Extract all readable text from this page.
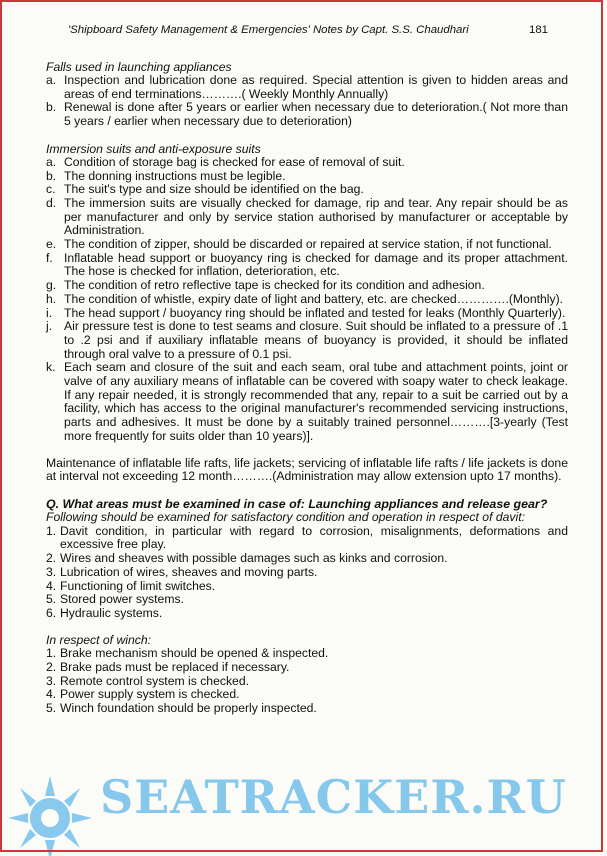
'Shipboard Safety Management & Emergencies' Notes by Capt. S.S. Chaudhari	181

Falls used in launching appliances

a. Inspection and lubrication done as required. Special attention is given to hidden areas and areas of end terminations……….( Weekly Monthly Annually)
b. Renewal is done after 5 years or earlier when necessary due to deterioration.( Not more than 5 years / earlier when necessary due to deterioration)

Immersion suits and anti-exposure suits

a. Condition of storage bag is checked for ease of removal of suit.
b. The donning instructions must be legible.
c. The suit's type and size should be identified on the bag.
d. The immersion suits are visually checked for damage, rip and tear. Any repair should be as per manufacturer and only by service station authorised by manufacturer or acceptable by Administration.
e. The condition of zipper, should be discarded or repaired at service station, if not functional.
f. Inflatable head support or buoyancy ring is checked for damage and its proper attachment. The hose is checked for inflation, deterioration, etc.
g. The condition of retro reflective tape is checked for its condition and adhesion.
h. The condition of whistle, expiry date of light and battery, etc. are checked………….(Monthly).
i. The head support / buoyancy ring should be inflated and tested for leaks (Monthly Quarterly).
j. Air pressure test is done to test seams and closure. Suit should be inflated to a pressure of .1 to .2 psi and if auxiliary inflatable means of buoyancy is provided, it should be inflated through oral valve to a pressure of 0.1 psi.
k. Each seam and closure of the suit and each seam, oral tube and attachment points, joint or valve of any auxiliary means of inflatable can be covered with soapy water to check leakage. If any repair needed, it is strongly recommended that any, repair to a suit be carried out by a facility, which has access to the original manufacturer's recommended servicing instructions, parts and adhesives. It must be done by a suitably trained personnel……….[3-yearly (Test more frequently for suits older than 10 years)].

Maintenance of inflatable life rafts, life jackets; servicing of inflatable life rafts / life jackets is done at interval not exceeding 12 month……….(Administration may allow extension upto 17 months).

Q. What areas must be examined in case of: Launching appliances and release gear?

Following should be examined for satisfactory condition and operation in respect of davit:

1. Davit condition, in particular with regard to corrosion, misalignments, deformations and excessive free play.
2. Wires and sheaves with possible damages such as kinks and corrosion.
3. Lubrication of wires, sheaves and moving parts.
4. Functioning of limit switches.
5. Stored power systems.
6. Hydraulic systems.

In respect of winch:

1. Brake mechanism should be opened & inspected.
2. Brake pads must be replaced if necessary.
3. Remote control system is checked.
4. Power supply system is checked.
5. Winch foundation should be properly inspected.
SEATRACKER.RU
